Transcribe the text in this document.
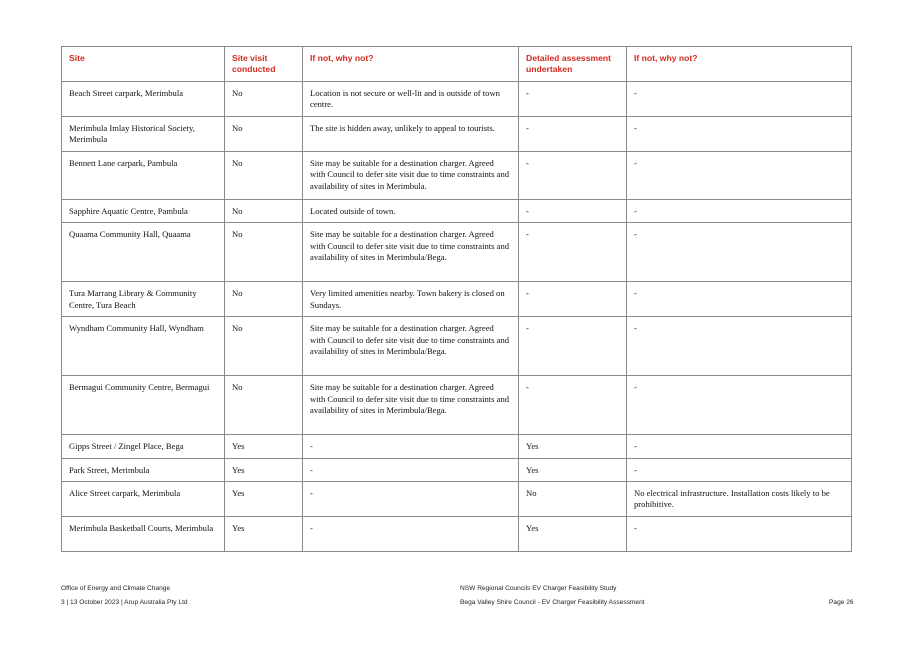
Site	Site visit conducted	If not, why not?	Detailed assessment undertaken	If not, why not?
Beach Street carpark, Merimbula	No	Location is not secure or well-lit and is outside of town centre.	-	-
Merimbula Imlay Historical Society, Merimbula	No	The site is hidden away, unlikely to appeal to tourists.	-	-
Bennett Lane carpark, Pambula	No	Site may be suitable for a destination charger. Agreed with Council to defer site visit due to time constraints and availability of sites in Merimbula.	-	-
Sapphire Aquatic Centre, Pambula	No	Located outside of town.	-	-
Quaama Community Hall, Quaama	No	Site may be suitable for a destination charger. Agreed with Council to defer site visit due to time constraints and availability of sites in Merimbula/Bega.	-	-
Tura Marrang Library & Community Centre, Tura Beach	No	Very limited amenities nearby. Town bakery is closed on Sundays.	-	-
Wyndham Community Hall, Wyndham	No	Site may be suitable for a destination charger. Agreed with Council to defer site visit due to time constraints and availability of sites in Merimbula/Bega.	-	-
Bermagui Community Centre, Bermagui	No	Site may be suitable for a destination charger. Agreed with Council to defer site visit due to time constraints and availability of sites in Merimbula/Bega.	-	-
Gipps Street / Zingel Place, Bega	Yes	-	Yes	-
Park Street, Merimbula	Yes	-	Yes	-
Alice Street carpark, Merimbula	Yes	-	No	No electrical infrastructure. Installation costs likely to be prohibitive.
Merimbula Basketball Courts, Merimbula	Yes	-	Yes	-
Office of Energy and Climate Change
3 | 13 October 2023 | Arup Australia Pty Ltd
NSW Regional Councils EV Charger Feasibility Study
Bega Valley Shire Council - EV Charger Feasibility Assessment	Page 26
